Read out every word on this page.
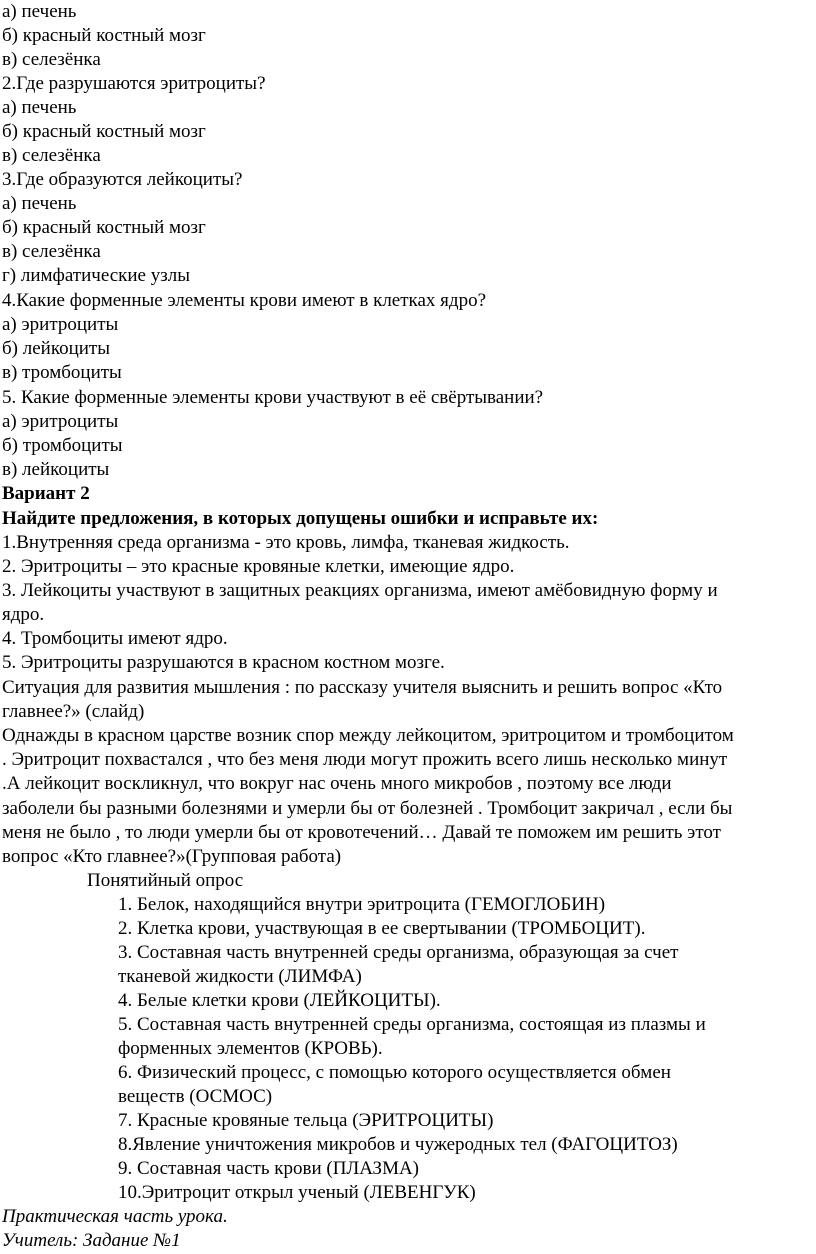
а) печень
б) красный костный мозг
в) селезёнка
2.Где разрушаются эритроциты?
а) печень
б) красный костный мозг
в) селезёнка
3.Где образуются лейкоциты?
а) печень
б) красный костный мозг
в) селезёнка
г) лимфатические узлы
4.Какие форменные элементы крови имеют в клетках ядро?
а) эритроциты
б) лейкоциты
в) тромбоциты
5. Какие форменные элементы крови участвуют в её свёртывании?
а) эритроциты
б) тромбоциты
в) лейкоциты
Вариант 2
Найдите предложения, в которых допущены ошибки и исправьте их:
1.Внутренняя среда организма - это кровь, лимфа, тканевая жидкость.
2. Эритроциты – это красные кровяные клетки, имеющие ядро.
3. Лейкоциты участвуют в защитных реакциях организма, имеют амёбовидную форму и
ядро.
4. Тромбоциты имеют ядро.
5. Эритроциты разрушаются в красном костном мозге.
Ситуация для развития мышления : по рассказу учителя выяснить и решить вопрос «Кто
главнее?» (слайд)
Однажды в красном царстве возник спор между лейкоцитом, эритроцитом и тромбоцитом
. Эритроцит похвастался , что без меня люди могут прожить всего лишь несколько минут
.А лейкоцит воскликнул, что вокруг нас очень много микробов , поэтому все люди
заболели бы разными болезнями и умерли бы от болезней . Тромбоцит закричал , если бы
меня не было , то люди умерли бы от кровотечений… Давай те поможем им решить этот
вопрос «Кто главнее?»(Групповая работа)
Понятийный опрос
1. Белок, находящийся внутри эритроцита (ГЕМОГЛОБИН)
2. Клетка крови, участвующая в ее свертывании (ТРОМБОЦИТ).
3. Составная часть внутренней среды организма, образующая за счет
тканевой жидкости (ЛИМФА)
4. Белые клетки крови (ЛЕЙКОЦИТЫ).
5. Составная часть внутренней среды организма, состоящая из плазмы и
форменных элементов (КРОВЬ).
6. Физический процесс, с помощью которого осуществляется обмен
веществ (ОСМОС)
7. Красные кровяные тельца (ЭРИТРОЦИТЫ)
8.Явление уничтожения микробов и чужеродных тел (ФАГОЦИТОЗ)
9. Составная часть крови (ПЛАЗМА)
10.Эритроцит открыл ученый (ЛЕВЕНГУК)
Практическая часть урока.
Учитель: Задание №1
